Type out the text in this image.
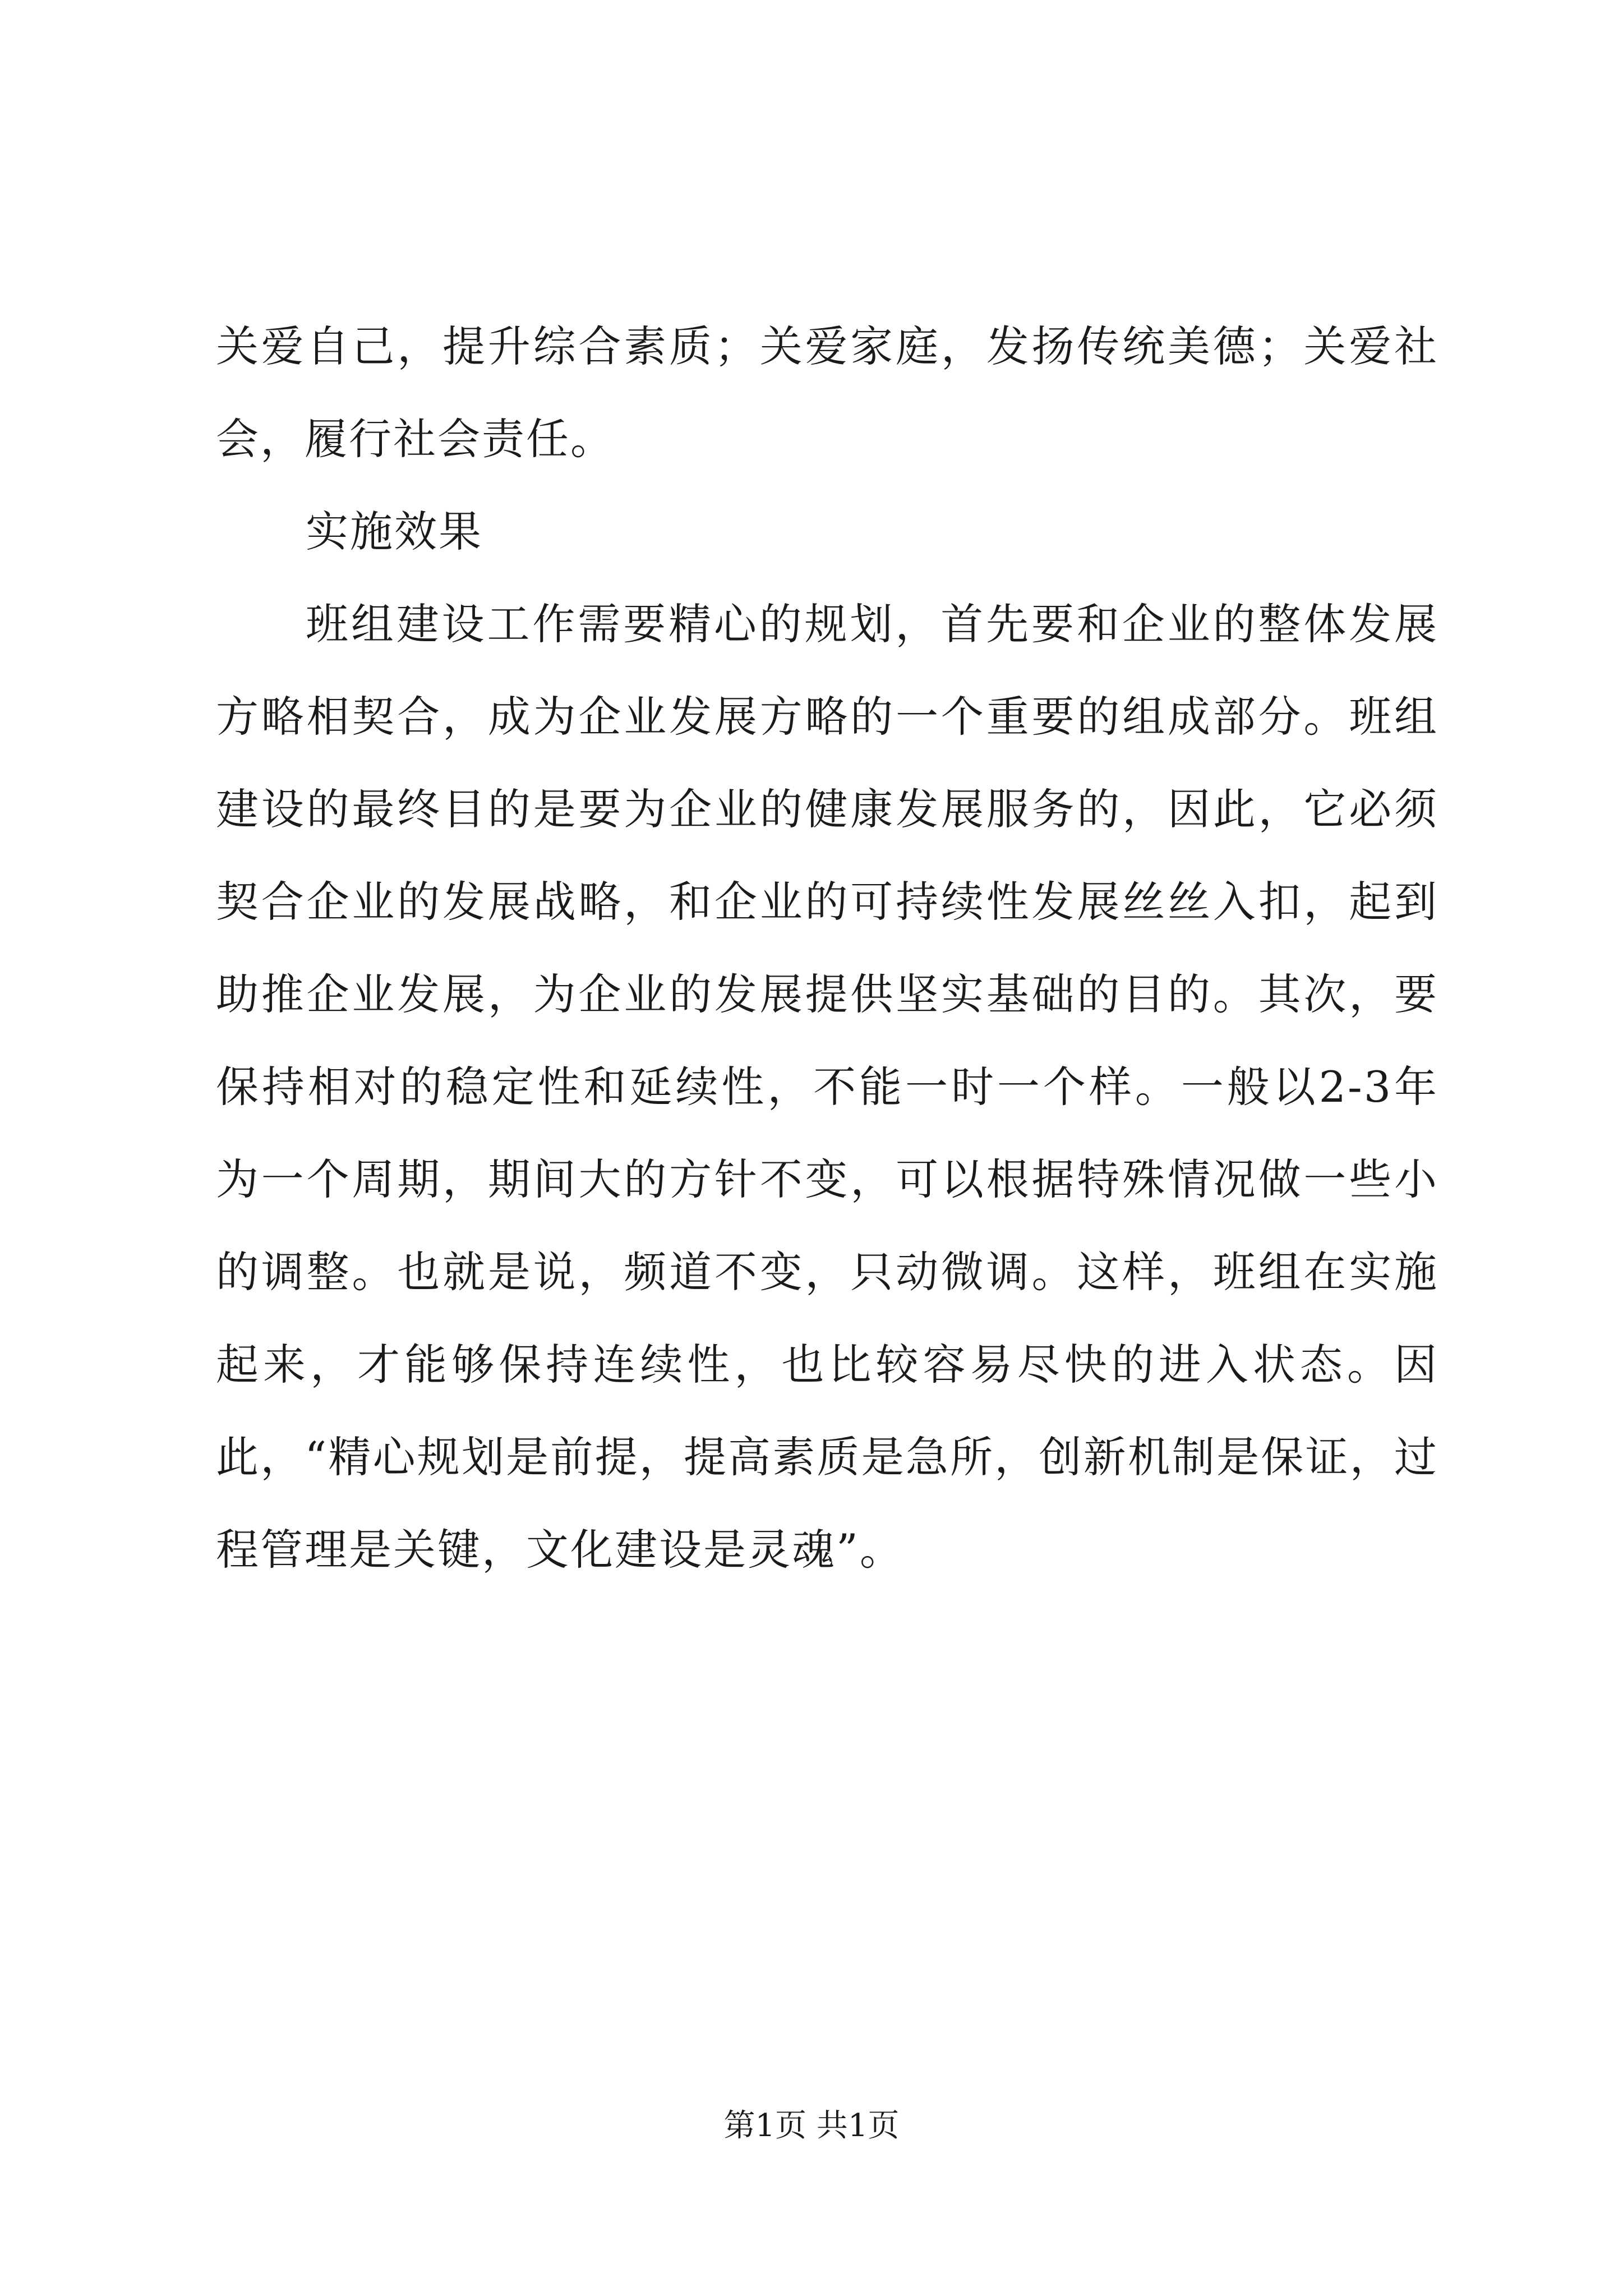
关爱自己，提升综合素质；关爱家庭，发扬传统美德；关爱社会，履行社会责任。

实施效果

班组建设工作需要精心的规划，首先要和企业的整体发展方略相契合，成为企业发展方略的一个重要的组成部分。班组建设的最终目的是要为企业的健康发展服务的，因此，它必须契合企业的发展战略，和企业的可持续性发展丝丝入扣，起到助推企业发展，为企业的发展提供坚实基础的目的。其次，要保持相对的稳定性和延续性，不能一时一个样。一般以2-3年为一个周期，期间大的方针不变，可以根据特殊情况做一些小的调整。也就是说，频道不变，只动微调。这样，班组在实施起来，才能够保持连续性，也比较容易尽快的进入状态。因此，“精心规划是前提，提高素质是急所，创新机制是保证，过程管理是关键，文化建设是灵魂”。

第1页 共1页
